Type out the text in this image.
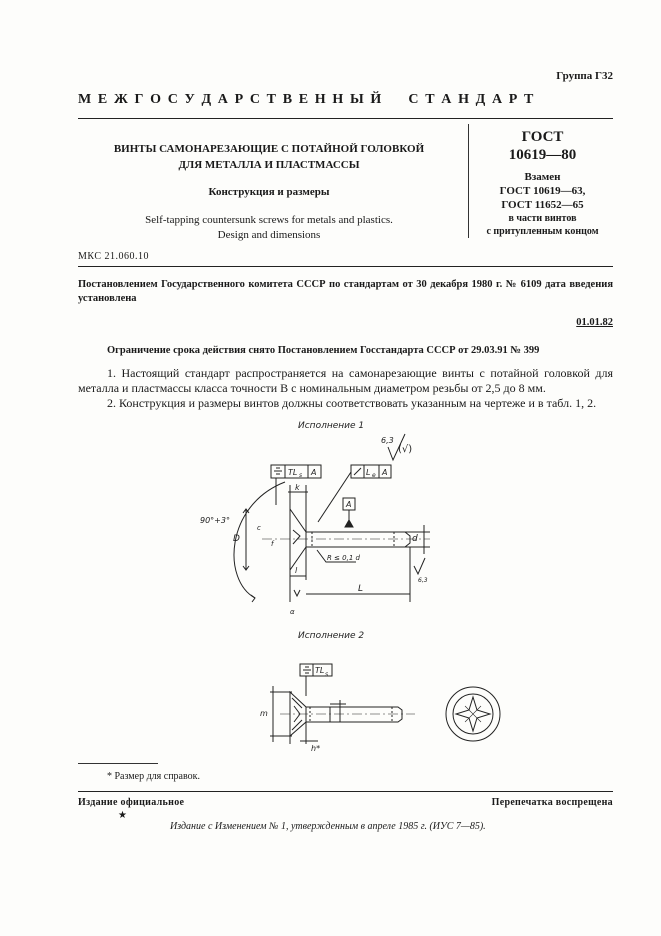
Группа Г32
М Е Ж Г О С У Д А Р С Т В Е Н Н Ы Й     С Т А Н Д А Р Т
ВИНТЫ САМОНАРЕЗАЮЩИЕ С ПОТАЙНОЙ ГОЛОВКОЙ
ДЛЯ МЕТАЛЛА И ПЛАСТМАССЫ
Конструкция и размеры
Self-tapping countersunk screws for metals and plastics.
Design and dimensions
ГОСТ
10619—80
Взамен
ГОСТ 10619—63,
ГОСТ 11652—65
в части винтов
с притупленным концом
МКС 21.060.10
Постановлением Государственного комитета СССР по стандартам от 30 декабря 1980 г. № 6109 дата введения установлена
01.01.82
Ограничение срока действия снято Постановлением Госстандарта СССР от 29.03.91 № 399

1. Настоящий стандарт распространяется на самонарезающие винты с потайной головкой для металла и пластмассы класса точности В с номинальным диаметром резьбы от 2,5 до 8 мм.

2. Конструкция и размеры винтов должны соответствовать указанным на чертеже и в табл. 1, 2.

Исполнение 1
6,3
(√)
TL s A	L e A
A
90°+3°
D
c
f
k
d
R ≤ 0,1 d
l
L
α
6,3
Исполнение 2
TL s
m
h*
* Размер для справок.
Издание официальное	Перепечатка воспрещена
★
Издание с Изменением № 1, утвержденным в апреле 1985 г. (ИУС 7—85).
